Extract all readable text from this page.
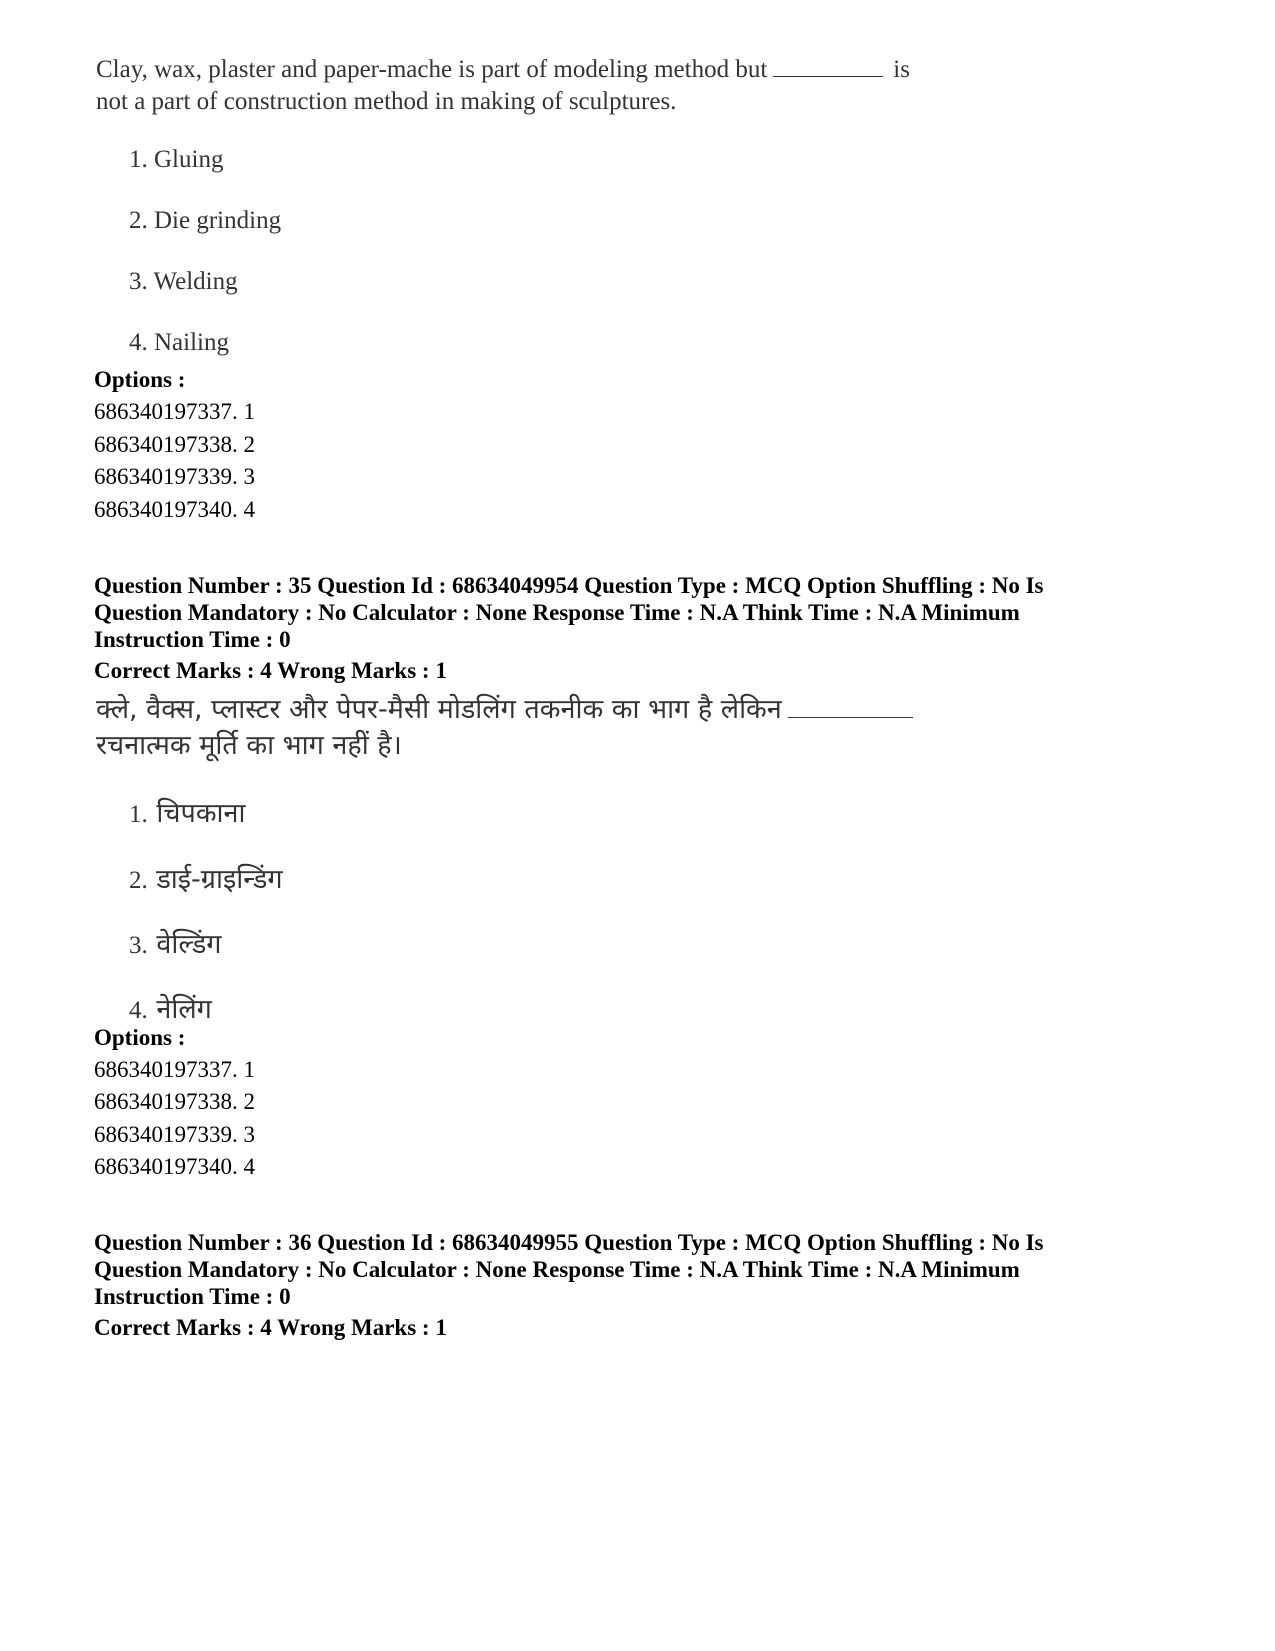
Clay, wax, plaster and paper-mache is part of modeling method but	is
not a part of construction method in making of sculptures.
1. Gluing
2. Die grinding
3. Welding
4. Nailing
Options :
686340197337. 1
686340197338. 2
686340197339. 3
686340197340. 4
Question Number : 35 Question Id : 68634049954 Question Type : MCQ Option Shuffling : No Is
Question Mandatory : No Calculator : None Response Time : N.A Think Time : N.A Minimum
Instruction Time : 0
Correct Marks : 4 Wrong Marks : 1
क्ले, वैक्स, प्लास्टर और पेपर-मैसी मोडलिंग तकनीक का भाग है लेकिन
रचनात्मक मूर्ति का भाग नहीं है।
1. चिपकाना
2. डाई-ग्राइन्डिंग
3. वेल्डिंग
4. नेलिंग
Options :
686340197337. 1
686340197338. 2
686340197339. 3
686340197340. 4
Question Number : 36 Question Id : 68634049955 Question Type : MCQ Option Shuffling : No Is
Question Mandatory : No Calculator : None Response Time : N.A Think Time : N.A Minimum
Instruction Time : 0
Correct Marks : 4 Wrong Marks : 1
